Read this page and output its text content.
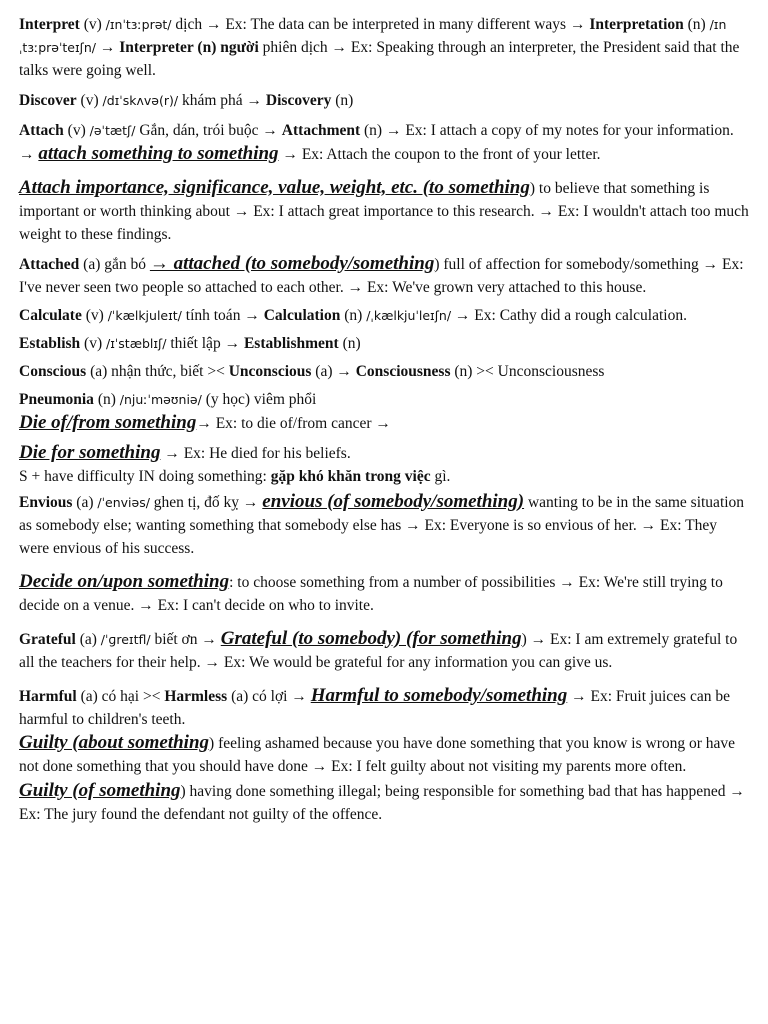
Interpret (v) /ɪnˈtɜːprət/ dịch → Ex: The data can be interpreted in many different ways → Interpretation (n) /ɪnˌtɜːprəˈteɪʃn/ → Interpreter (n) người phiên dịch → Ex: Speaking through an interpreter, the President said that the talks were going well.

Discover (v) /dɪˈskʌvə(r)/ khám phá → Discovery (n)

Attach (v) /əˈtætʃ/ Gắn, dán, trói buộc → Attachment (n) → Ex: I attach a copy of my notes for your information. → attach something to something → Ex: Attach the coupon to the front of your letter.

Attach importance, significance, value, weight, etc. (to something) to believe that something is important or worth thinking about → Ex: I attach great importance to this research. → Ex: I wouldn't attach too much weight to these findings.

Attached (a) gắn bó → attached (to somebody/something) full of affection for somebody/something → Ex: I've never seen two people so attached to each other. → Ex: We've grown very attached to this house.

Calculate (v) /ˈkælkjuleɪt/ tính toán → Calculation (n) /ˌkælkjuˈleɪʃn/ → Ex: Cathy did a rough calculation.

Establish (v) /ɪˈstæblɪʃ/ thiết lập → Establishment (n)

Conscious (a) nhận thức, biết >< Unconscious (a) → Consciousness (n) >< Unconsciousness

Pneumonia (n) /njuːˈməʊniə/ (y học) viêm phổi

Die of/from something→ Ex: to die of/from cancer →

Die for something → Ex: He died for his beliefs.

S + have difficulty IN doing something: gặp khó khăn trong việc gì.

Envious (a) /ˈenviəs/ ghen tị, đố kỵ → envious (of somebody/something) wanting to be in the same situation as somebody else; wanting something that somebody else has → Ex: Everyone is so envious of her. → Ex: They were envious of his success.

Decide on/upon something: to choose something from a number of possibilities → Ex: We're still trying to decide on a venue. → Ex: I can't decide on who to invite.

Grateful (a) /ˈɡreɪtfl/ biết ơn → Grateful (to somebody) (for something) → Ex: I am extremely grateful to all the teachers for their help. → Ex: We would be grateful for any information you can give us.

Harmful (a) có hại >< Harmless (a) có lợi → Harmful to somebody/something → Ex: Fruit juices can be harmful to children's teeth.

Guilty (about something) feeling ashamed because you have done something that you know is wrong or have not done something that you should have done → Ex: I felt guilty about not visiting my parents more often.

Guilty (of something) having done something illegal; being responsible for something bad that has happened → Ex: The jury found the defendant not guilty of the offence.
